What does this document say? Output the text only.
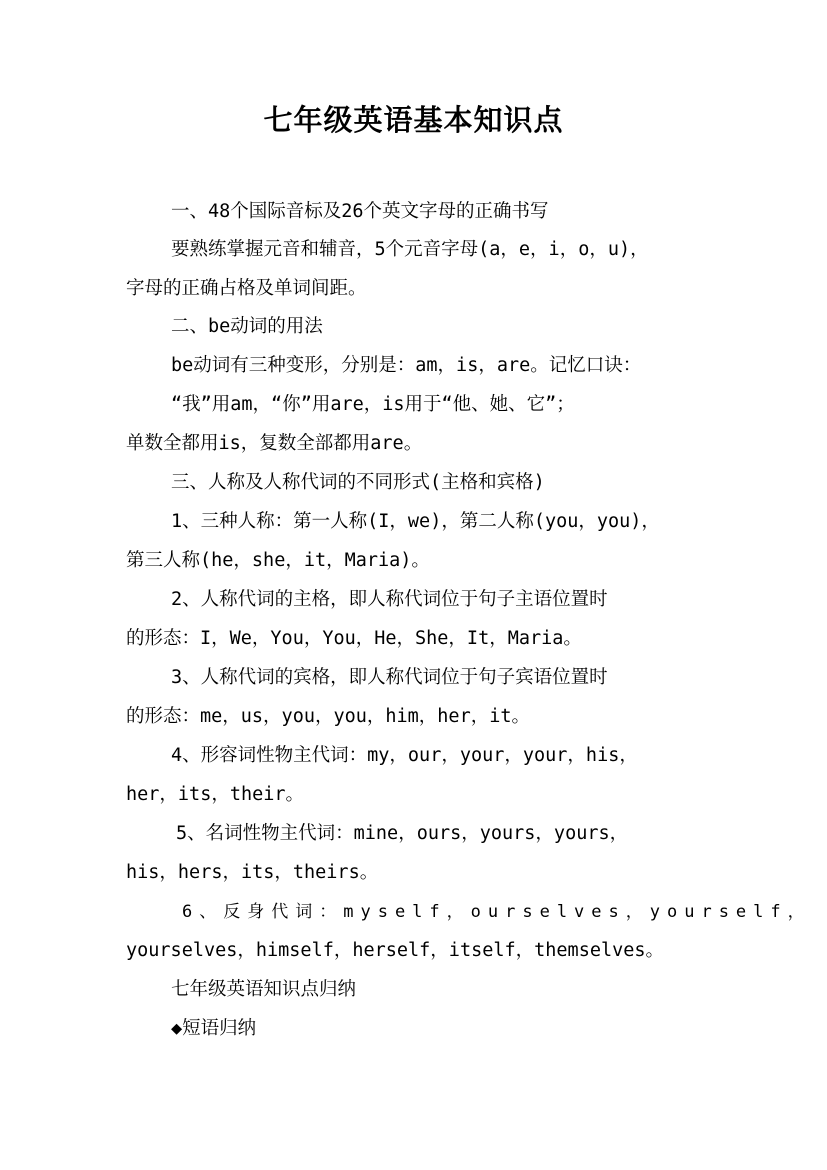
七年级英语基本知识点
一、48个国际音标及26个英文字母的正确书写
要熟练掌握元音和辅音，5个元音字母(a，e，i，o，u)，
字母的正确占格及单词间距。
二、be动词的用法
be动词有三种变形，分别是：am，is，are。记忆口诀：
“我”用am，“你”用are，is用于“他、她、它”；
单数全都用is，复数全部都用are。
三、人称及人称代词的不同形式(主格和宾格)
1、三种人称：第一人称(I，we)，第二人称(you，you)，
第三人称(he，she，it，Maria)。
2、人称代词的主格，即人称代词位于句子主语位置时
的形态：I，We，You，You，He，She，It，Maria。
3、人称代词的宾格，即人称代词位于句子宾语位置时
的形态：me，us，you，you，him，her，it。
4、形容词性物主代词：my，our，your，your，his，
her，its，their。
5、名词性物主代词：mine，ours，yours，yours，
his，hers，its，theirs。
6、反身代词：myself，ourselves，yourself，
yourselves，himself，herself，itself，themselves。
七年级英语知识点归纳
◆短语归纳
